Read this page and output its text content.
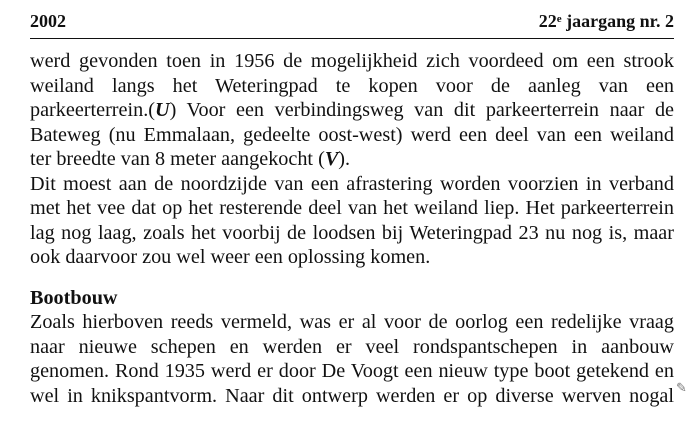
2002	22e jaargang nr. 2
werd gevonden toen in 1956 de mogelijkheid zich voordeed om een strook
weiland langs het Weteringpad te kopen voor de aanleg van een
parkeerterrein.(U) Voor een verbindingsweg van dit parkeerterrein naar de
Bateweg (nu Emmalaan, gedeelte oost-west) werd een deel van een weiland
ter breedte van 8 meter aangekocht (V).
Dit moest aan de noordzijde van een afrastering worden voorzien in verband
met het vee dat op het resterende deel van het weiland liep. Het parkeerterrein
lag nog laag, zoals het voorbij de loodsen bij Weteringpad 23 nu nog is, maar
ook daarvoor zou wel weer een oplossing komen.
Bootbouw
Zoals hierboven reeds vermeld, was er al voor de oorlog een redelijke vraag
naar nieuwe schepen en werden er veel rondspantschepen in aanbouw
genomen. Rond 1935 werd er door De Voogt een nieuw type boot getekend en
wel in knikspantvorm. Naar dit ontwerp werden er op diverse werven nogal ✎
